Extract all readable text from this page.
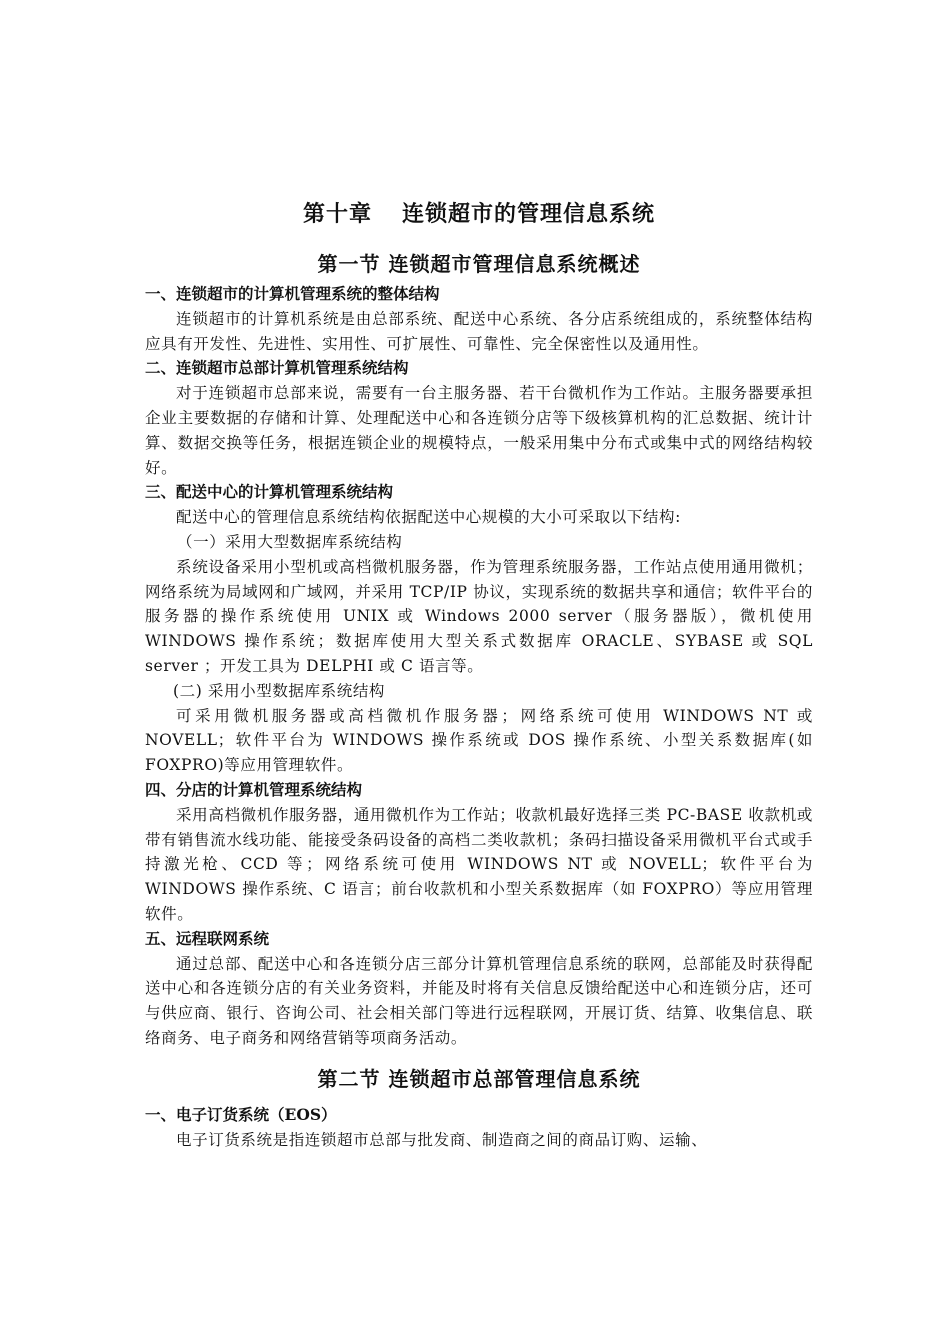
第十章 连锁超市的管理信息系统
第一节 连锁超市管理信息系统概述
一、连锁超市的计算机管理系统的整体结构

连锁超市的计算机系统是由总部系统、配送中心系统、各分店系统组成的，系统整体结构应具有开发性、先进性、实用性、可扩展性、可靠性、完全保密性以及通用性。

二、连锁超市总部计算机管理系统结构

对于连锁超市总部来说，需要有一台主服务器、若干台微机作为工作站。主服务器要承担企业主要数据的存储和计算、处理配送中心和各连锁分店等下级核算机构的汇总数据、统计计算、数据交换等任务，根据连锁企业的规模特点，一般采用集中分布式或集中式的网络结构较好。

三、配送中心的计算机管理系统结构

配送中心的管理信息系统结构依据配送中心规模的大小可采取以下结构:

（一）采用大型数据库系统结构

系统设备采用小型机或高档微机服务器，作为管理系统服务器，工作站点使用通用微机；网络系统为局域网和广域网，并采用 TCP/IP 协议，实现系统的数据共享和通信；软件平台的服务器的操作系统使用 UNIX 或 Windows 2000 server（服务器版），微机使用 WINDOWS 操作系统；数据库使用大型关系式数据库 ORACLE、SYBASE 或 SQL server ；开发工具为 DELPHI 或 C 语言等。

(二) 采用小型数据库系统结构

可采用微机服务器或高档微机作服务器；网络系统可使用 WINDOWS NT 或 NOVELL；软件平台为 WINDOWS 操作系统或 DOS 操作系统、小型关系数据库(如 FOXPRO)等应用管理软件。

四、分店的计算机管理系统结构

采用高档微机作服务器，通用微机作为工作站；收款机最好选择三类 PC-BASE 收款机或带有销售流水线功能、能接受条码设备的高档二类收款机；条码扫描设备采用微机平台式或手持激光枪、CCD 等；网络系统可使用 WINDOWS NT 或 NOVELL；软件平台为 WINDOWS 操作系统、C 语言；前台收款机和小型关系数据库（如 FOXPRO）等应用管理软件。

五、远程联网系统

通过总部、配送中心和各连锁分店三部分计算机管理信息系统的联网，总部能及时获得配送中心和各连锁分店的有关业务资料，并能及时将有关信息反馈给配送中心和连锁分店，还可与供应商、银行、咨询公司、社会相关部门等进行远程联网，开展订货、结算、收集信息、联络商务、电子商务和网络营销等项商务活动。

第二节 连锁超市总部管理信息系统
一、电子订货系统（EOS）

电子订货系统是指连锁超市总部与批发商、制造商之间的商品订购、运输、
